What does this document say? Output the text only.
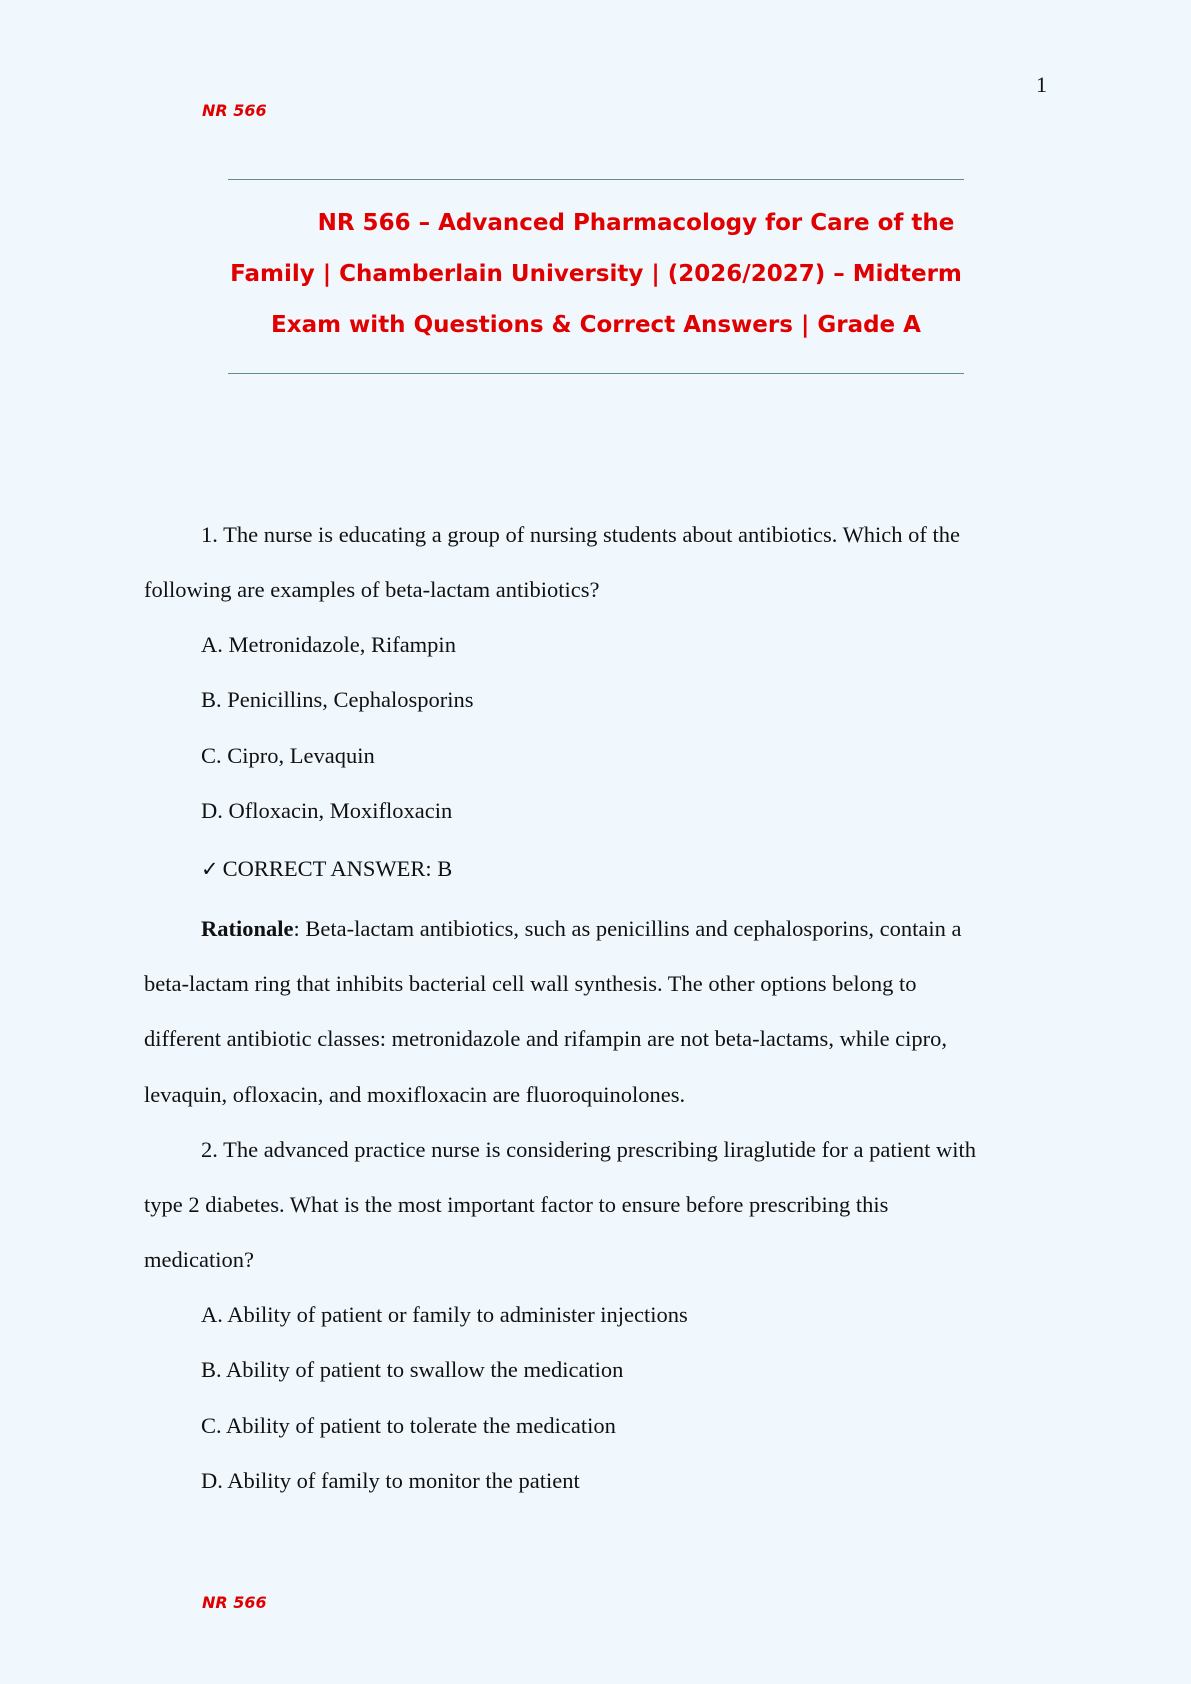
1
NR 566
NR 566 – Advanced Pharmacology for Care of the
Family | Chamberlain University | (2026/2027) – Midterm
Exam with Questions & Correct Answers | Grade A
1. The nurse is educating a group of nursing students about antibiotics. Which of the
following are examples of beta-lactam antibiotics?
A. Metronidazole, Rifampin
B. Penicillins, Cephalosporins
C. Cipro, Levaquin
D. Ofloxacin, Moxifloxacin
✓ CORRECT ANSWER: B
Rationale: Beta-lactam antibiotics, such as penicillins and cephalosporins, contain a
beta-lactam ring that inhibits bacterial cell wall synthesis. The other options belong to
different antibiotic classes: metronidazole and rifampin are not beta-lactams, while cipro,
levaquin, ofloxacin, and moxifloxacin are fluoroquinolones.
2. The advanced practice nurse is considering prescribing liraglutide for a patient with
type 2 diabetes. What is the most important factor to ensure before prescribing this
medication?
A. Ability of patient or family to administer injections
B. Ability of patient to swallow the medication
C. Ability of patient to tolerate the medication
D. Ability of family to monitor the patient
NR 566
